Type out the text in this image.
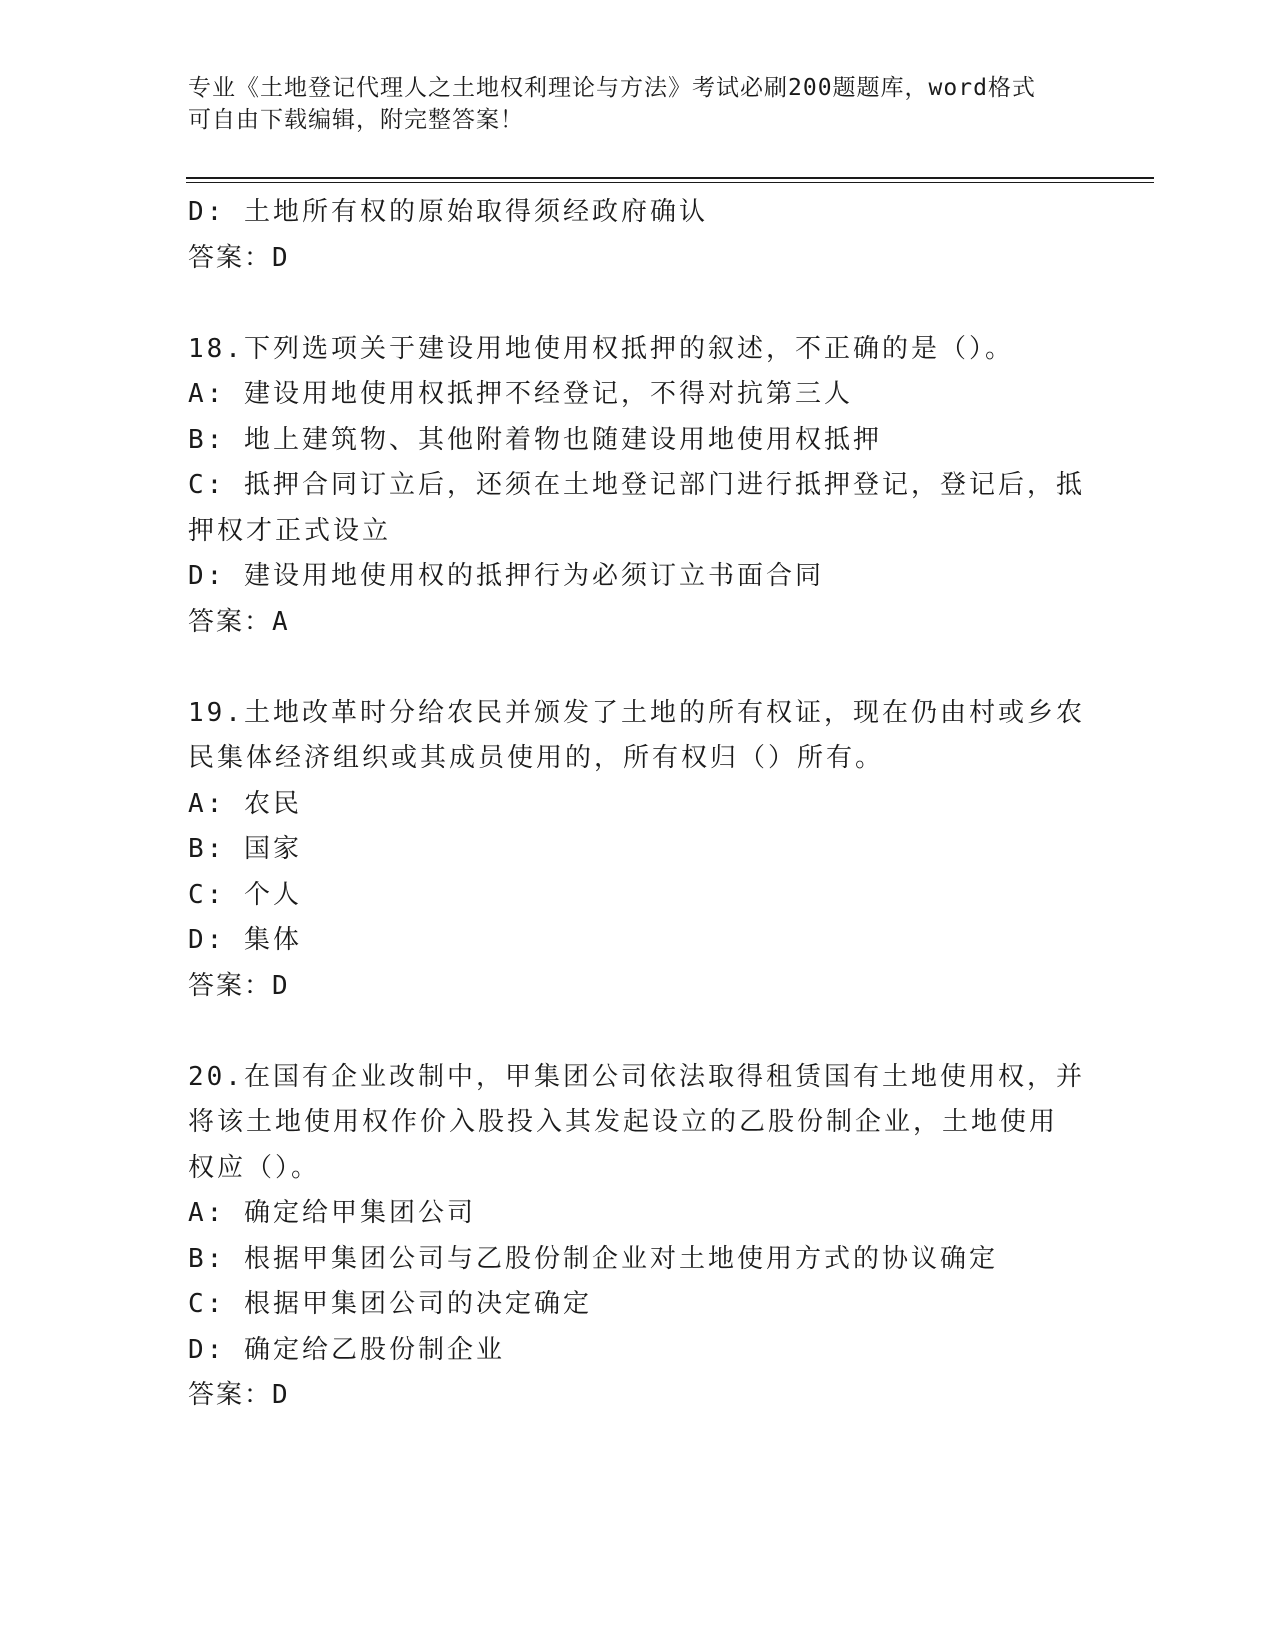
专业《土地登记代理人之土地权利理论与方法》考试必刷200题题库，word格式
可自由下载编辑，附完整答案！
D: 土地所有权的原始取得须经政府确认
答案：D
18.下列选项关于建设用地使用权抵押的叙述，不正确的是（）。
A: 建设用地使用权抵押不经登记，不得对抗第三人
B: 地上建筑物、其他附着物也随建设用地使用权抵押
C: 抵押合同订立后，还须在土地登记部门进行抵押登记，登记后，抵
押权才正式设立
D: 建设用地使用权的抵押行为必须订立书面合同
答案：A
19.土地改革时分给农民并颁发了土地的所有权证，现在仍由村或乡农
民集体经济组织或其成员使用的，所有权归（）所有。
A: 农民
B: 国家
C: 个人
D: 集体
答案：D
20.在国有企业改制中，甲集团公司依法取得租赁国有土地使用权，并
将该土地使用权作价入股投入其发起设立的乙股份制企业，土地使用
权应（）。
A: 确定给甲集团公司
B: 根据甲集团公司与乙股份制企业对土地使用方式的协议确定
C: 根据甲集团公司的决定确定
D: 确定给乙股份制企业
答案：D
